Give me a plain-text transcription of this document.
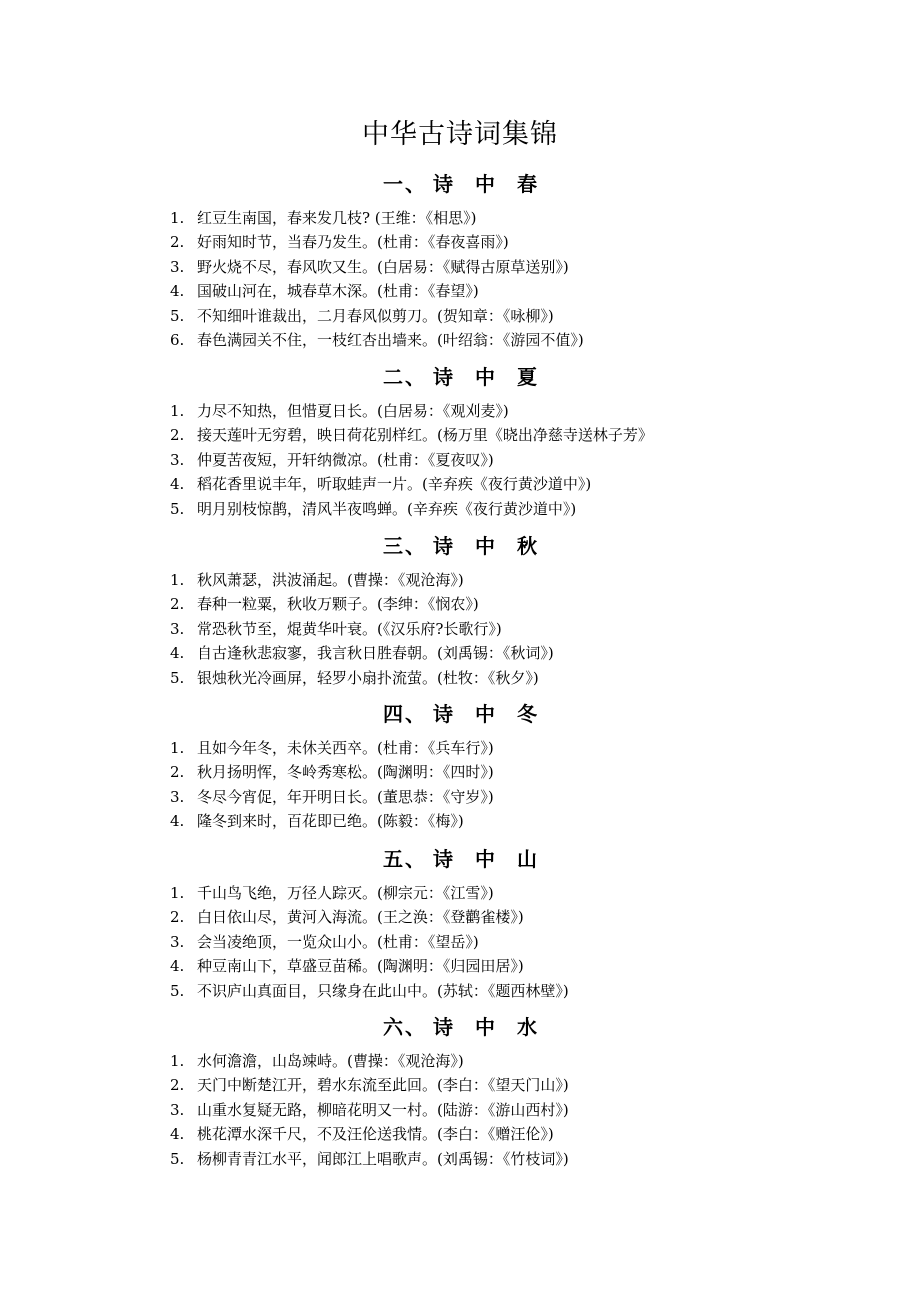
中华古诗词集锦
一、 诗 中 春
1. 红豆生南国，春来发几枝? (王维：《相思》)
2. 好雨知时节，当春乃发生。(杜甫：《春夜喜雨》)
3. 野火烧不尽，春风吹又生。(白居易：《赋得古原草送别》)
4. 国破山河在，城春草木深。(杜甫：《春望》)
5. 不知细叶谁裁出，二月春风似剪刀。(贺知章：《咏柳》)
6. 春色满园关不住，一枝红杏出墙来。(叶绍翁：《游园不值》)
二、 诗 中 夏
1. 力尽不知热，但惜夏日长。(白居易：《观刈麦》)
2. 接天莲叶无穷碧，映日荷花别样红。(杨万里《晓出净慈寺送林子芳》
3. 仲夏苦夜短，开轩纳微凉。(杜甫：《夏夜叹》)
4. 稻花香里说丰年，听取蛙声一片。(辛弃疾《夜行黄沙道中》)
5. 明月别枝惊鹊，清风半夜鸣蝉。(辛弃疾《夜行黄沙道中》)
三、 诗 中 秋
1. 秋风萧瑟，洪波涌起。(曹操：《观沧海》)
2. 春种一粒粟，秋收万颗子。(李绅：《悯农》)
3. 常恐秋节至，焜黄华叶衰。(《汉乐府?长歌行》)
4. 自古逢秋悲寂寥，我言秋日胜春朝。(刘禹锡：《秋词》)
5. 银烛秋光冷画屏，轻罗小扇扑流萤。(杜牧：《秋夕》)
四、 诗 中 冬
1. 且如今年冬，未休关西卒。(杜甫：《兵车行》)
2. 秋月扬明恽，冬岭秀寒松。(陶渊明：《四时》)
3. 冬尽今宵促，年开明日长。(董思恭：《守岁》)
4. 隆冬到来时，百花即已绝。(陈毅：《梅》)
五、 诗 中 山
1. 千山鸟飞绝，万径人踪灭。(柳宗元：《江雪》)
2. 白日依山尽，黄河入海流。(王之涣：《登鹳雀楼》)
3. 会当凌绝顶，一览众山小。(杜甫：《望岳》)
4. 种豆南山下，草盛豆苗稀。(陶渊明：《归园田居》)
5. 不识庐山真面目，只缘身在此山中。(苏轼：《题西林壁》)
六、 诗 中 水
1. 水何澹澹，山岛竦峙。(曹操：《观沧海》)
2. 天门中断楚江开，碧水东流至此回。(李白：《望天门山》)
3. 山重水复疑无路，柳暗花明又一村。(陆游：《游山西村》)
4. 桃花潭水深千尺，不及汪伦送我情。(李白：《赠汪伦》)
5. 杨柳青青江水平，闻郎江上唱歌声。(刘禹锡：《竹枝词》)
